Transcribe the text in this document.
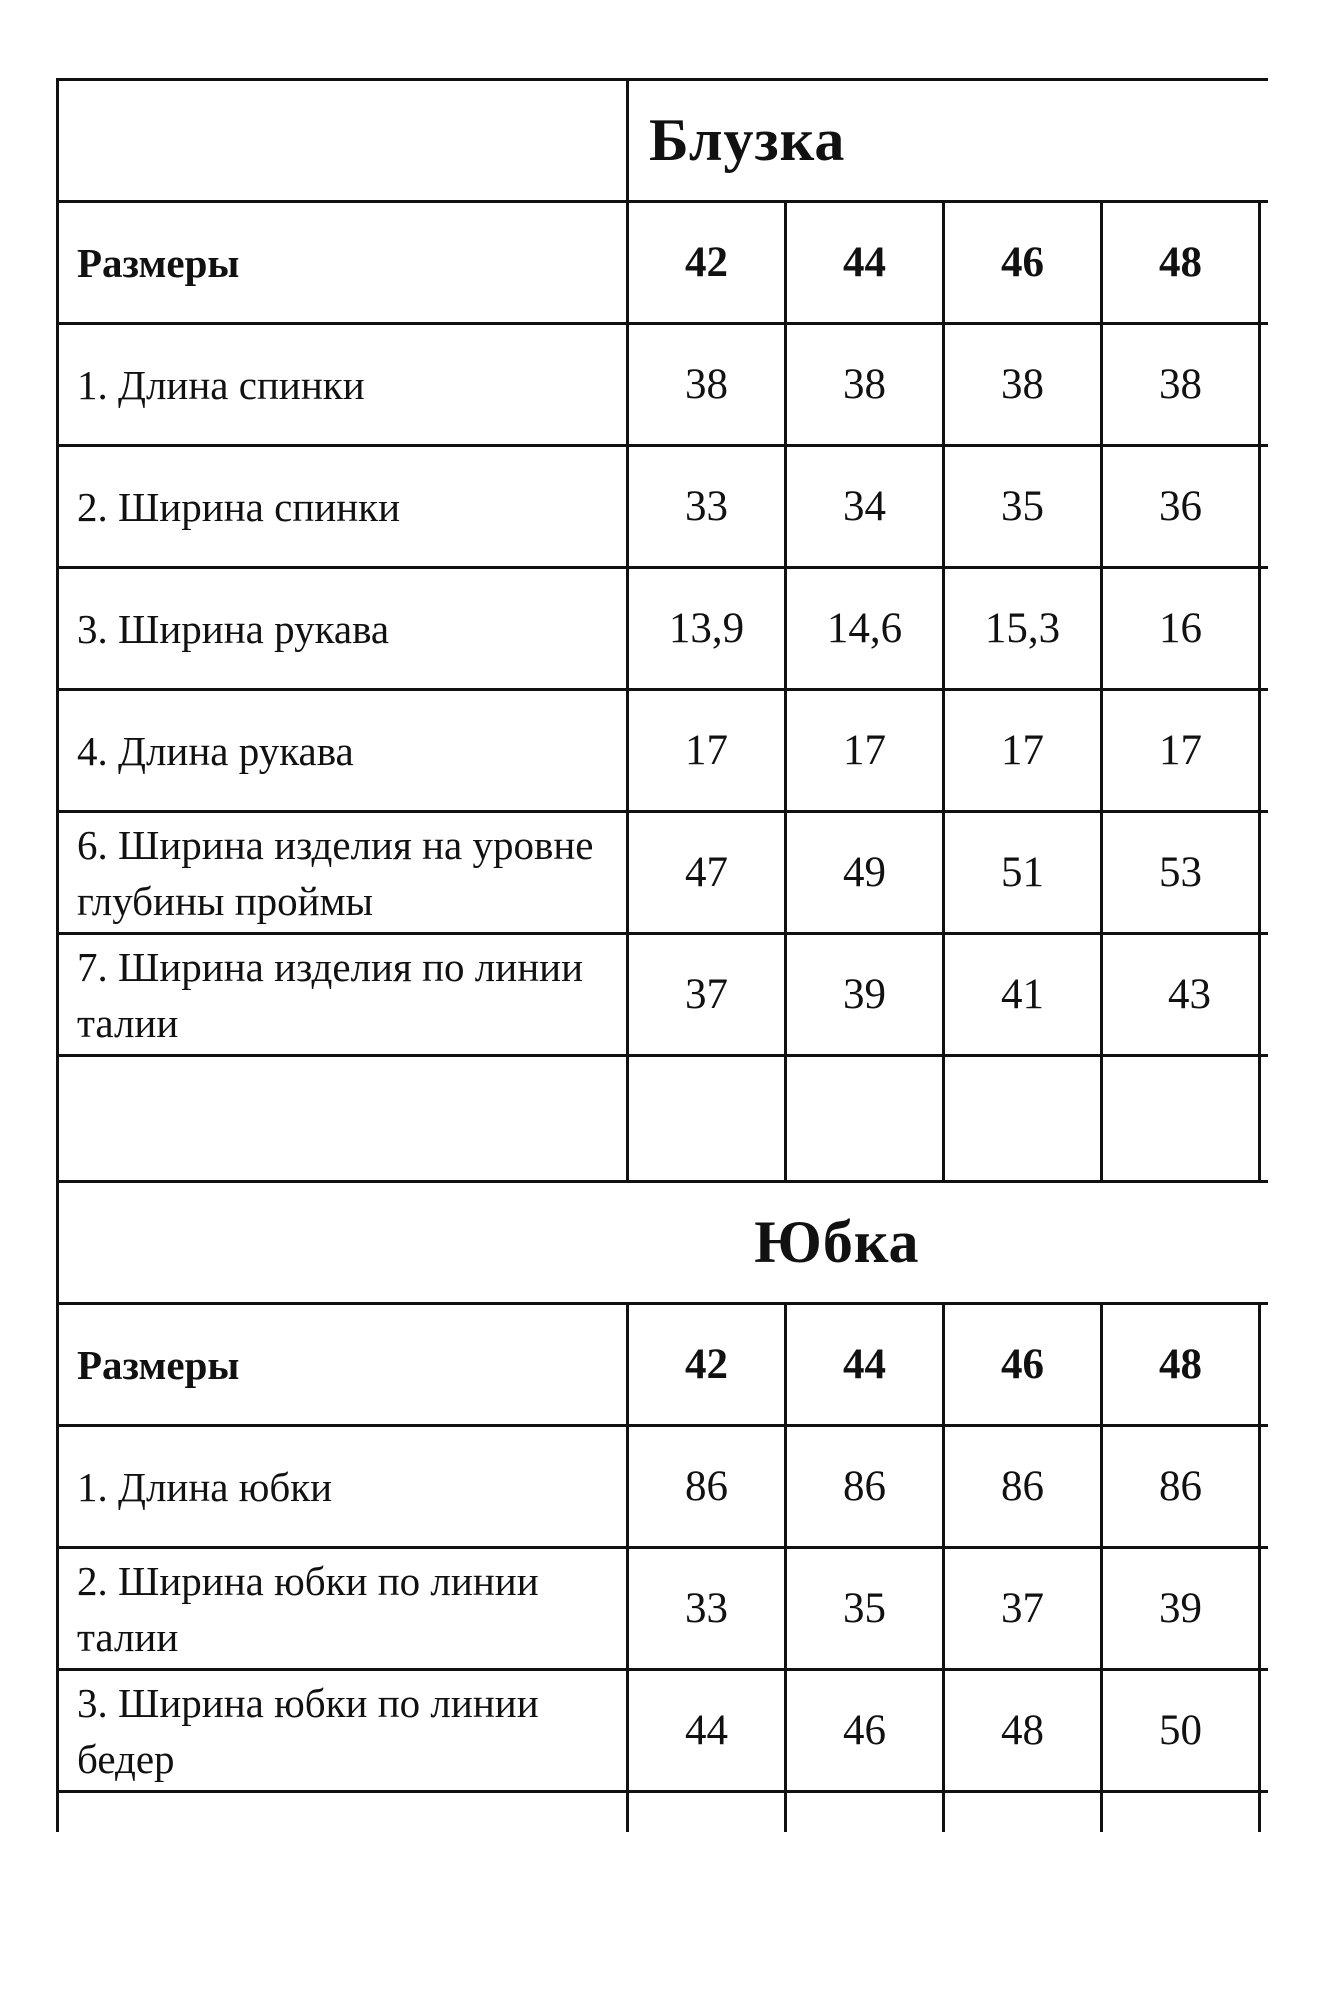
	Блузка				
Размеры	42	44	46	48	
1. Длина спинки	38	38	38	38	
2. Ширина спинки	33	34	35	36	
3. Ширина рукава	13,9	14,6	15,3	16	
4. Длина рукава	17	17	17	17	
6. Ширина изделия на уровне глубины проймы	47	49	51	53	
7. Ширина изделия по линии талии	37	39	41	43	

Юбка					
Размеры	42	44	46	48	
1. Длина юбки	86	86	86	86	
2. Ширина юбки по линии талии	33	35	37	39	
3. Ширина юбки по линии бедер	44	46	48	50	
